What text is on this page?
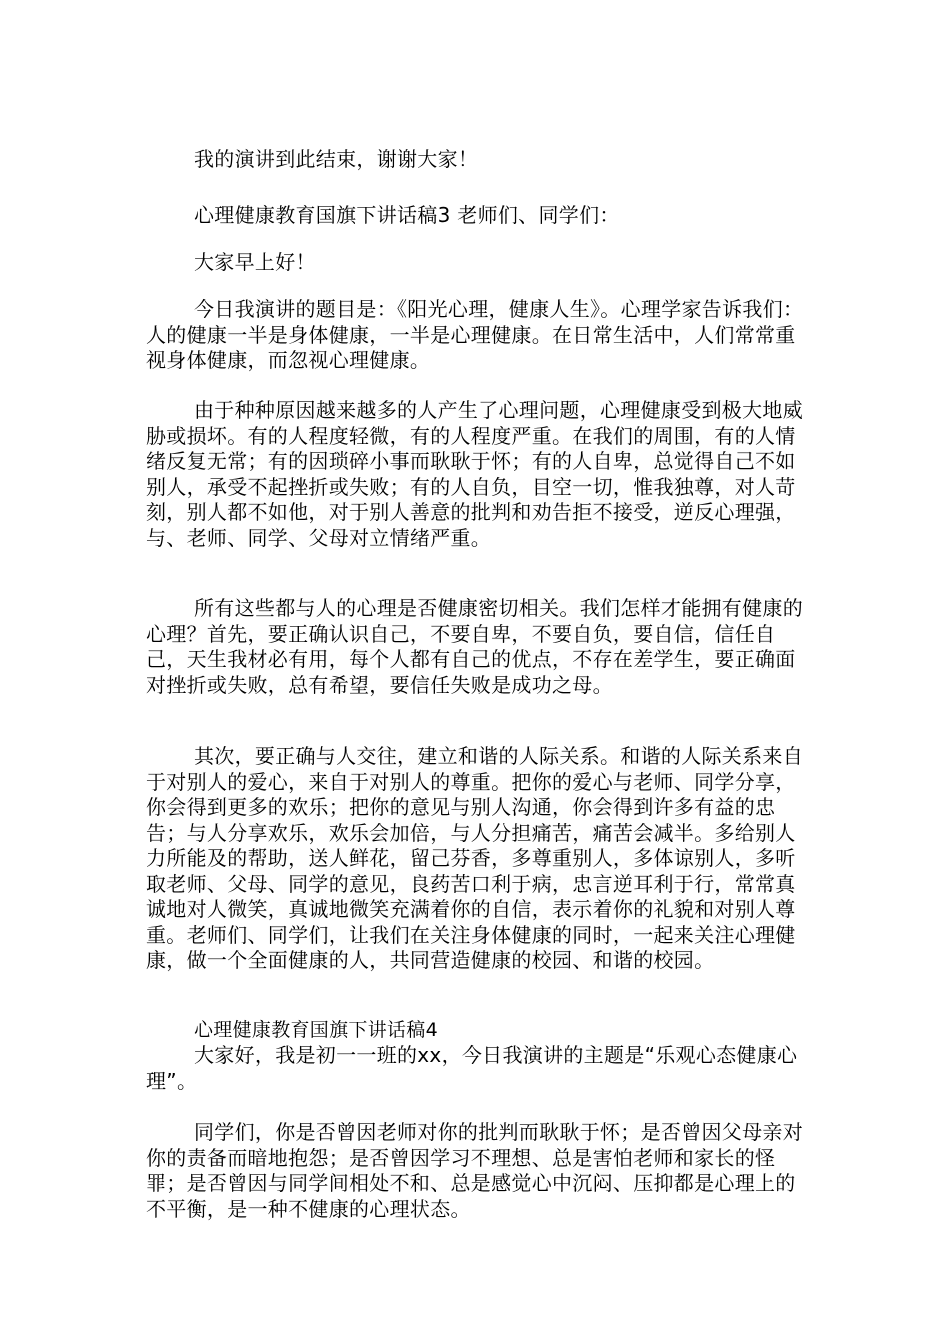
我的演讲到此结束，谢谢大家！

心理健康教育国旗下讲话稿3 老师们、同学们：

大家早上好！

今日我演讲的题目是：《阳光心理，健康人生》。心理学家告诉我们：人的健康一半是身体健康，一半是心理健康。在日常生活中，人们常常重视身体健康，而忽视心理健康。

由于种种原因越来越多的人产生了心理问题，心理健康受到极大地威胁或损坏。有的人程度轻微，有的人程度严重。在我们的周围，有的人情绪反复无常；有的因琐碎小事而耿耿于怀；有的人自卑，总觉得自己不如别人，承受不起挫折或失败；有的人自负，目空一切，惟我独尊，对人苛刻，别人都不如他，对于别人善意的批判和劝告拒不接受，逆反心理强，与、老师、同学、父母对立情绪严重。

所有这些都与人的心理是否健康密切相关。我们怎样才能拥有健康的心理？首先，要正确认识自己，不要自卑，不要自负，要自信，信任自己，天生我材必有用，每个人都有自己的优点，不存在差学生，要正确面对挫折或失败，总有希望，要信任失败是成功之母。

其次，要正确与人交往，建立和谐的人际关系。和谐的人际关系来自于对别人的爱心，来自于对别人的尊重。把你的爱心与老师、同学分享，你会得到更多的欢乐；把你的意见与别人沟通，你会得到许多有益的忠告；与人分享欢乐，欢乐会加倍，与人分担痛苦，痛苦会减半。多给别人力所能及的帮助，送人鲜花，留己芬香，多尊重别人，多体谅别人，多听取老师、父母、同学的意见，良药苦口利于病，忠言逆耳利于行，常常真诚地对人微笑，真诚地微笑充满着你的自信，表示着你的礼貌和对别人尊重。老师们、同学们，让我们在关注身体健康的同时，一起来关注心理健康，做一个全面健康的人，共同营造健康的校园、和谐的校园。

心理健康教育国旗下讲话稿4

大家好，我是初一一班的xx，今日我演讲的主题是“乐观心态健康心理”。

同学们，你是否曾因老师对你的批判而耿耿于怀；是否曾因父母亲对你的责备而暗地抱怨；是否曾因学习不理想、总是害怕老师和家长的怪罪；是否曾因与同学间相处不和、总是感觉心中沉闷、压抑都是心理上的不平衡，是一种不健康的心理状态。
